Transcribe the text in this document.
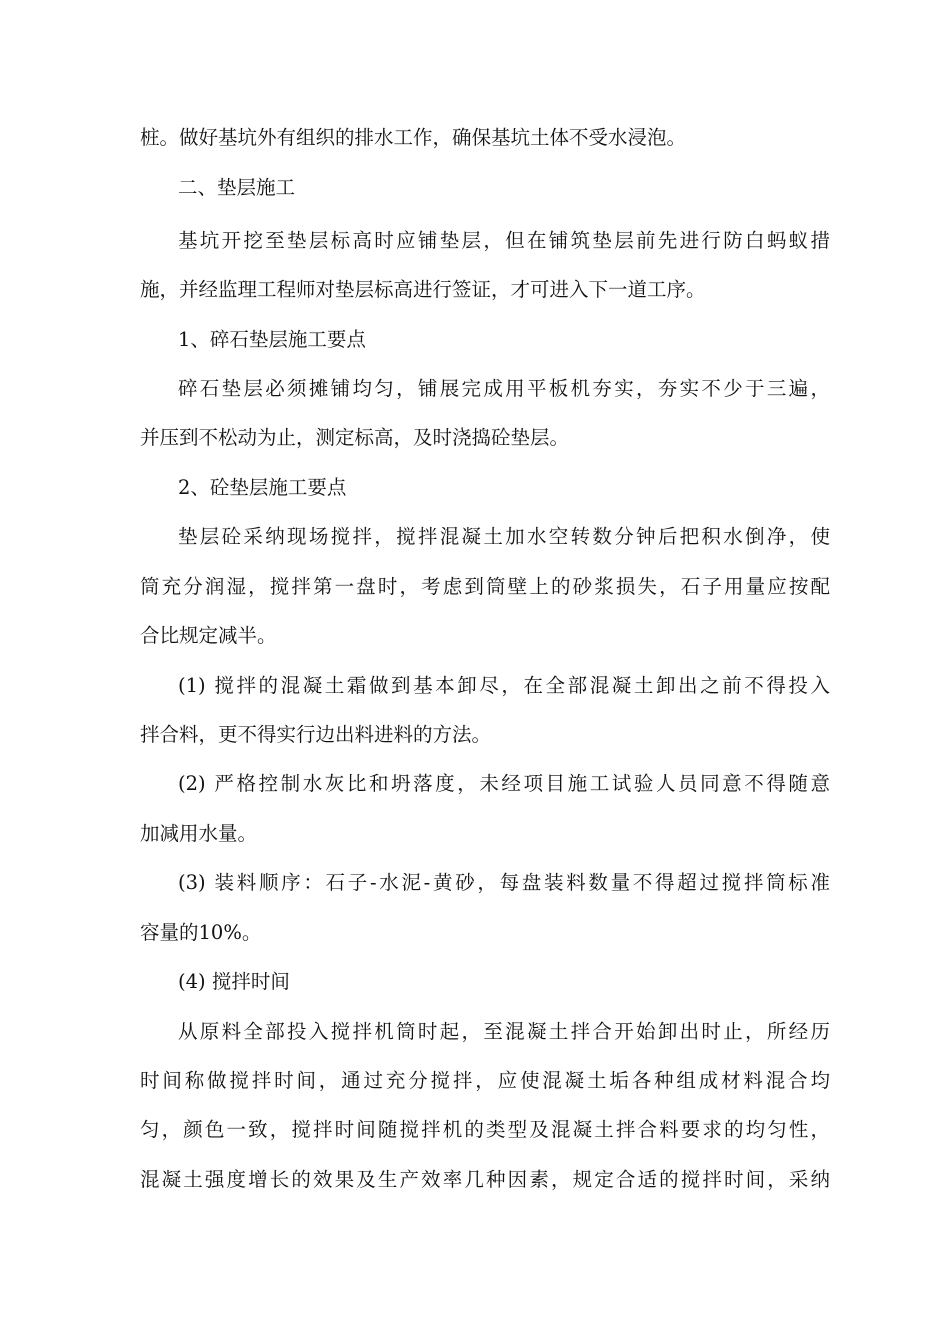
桩。做好基坑外有组织的排水工作，确保基坑土体不受水浸泡。
二、垫层施工
基坑开挖至垫层标高时应铺垫层，但在铺筑垫层前先进行防白蚂蚁措
施，并经监理工程师对垫层标高进行签证，才可进入下一道工序。
1、碎石垫层施工要点
碎石垫层必须摊铺均匀，铺展完成用平板机夯实，夯实不少于三遍，
并压到不松动为止，测定标高，及时浇捣砼垫层。
2、砼垫层施工要点
垫层砼采纳现场搅拌，搅拌混凝土加水空转数分钟后把积水倒净，使
筒充分润湿，搅拌第一盘时，考虑到筒壁上的砂浆损失，石子用量应按配
合比规定减半。
(1) 搅拌的混凝土霜做到基本卸尽，在全部混凝土卸出之前不得投入
拌合料，更不得实行边出料进料的方法。
(2) 严格控制水灰比和坍落度，未经项目施工试验人员同意不得随意
加减用水量。
(3) 装料顺序：石子-水泥-黄砂，每盘装料数量不得超过搅拌筒标准
容量的10%。
(4) 搅拌时间
从原料全部投入搅拌机筒时起，至混凝土拌合开始卸出时止，所经历
时间称做搅拌时间，通过充分搅拌，应使混凝土垢各种组成材料混合均
匀，颜色一致，搅拌时间随搅拌机的类型及混凝土拌合料要求的均匀性，
混凝土强度增长的效果及生产效率几种因素，规定合适的搅拌时间，采纳
